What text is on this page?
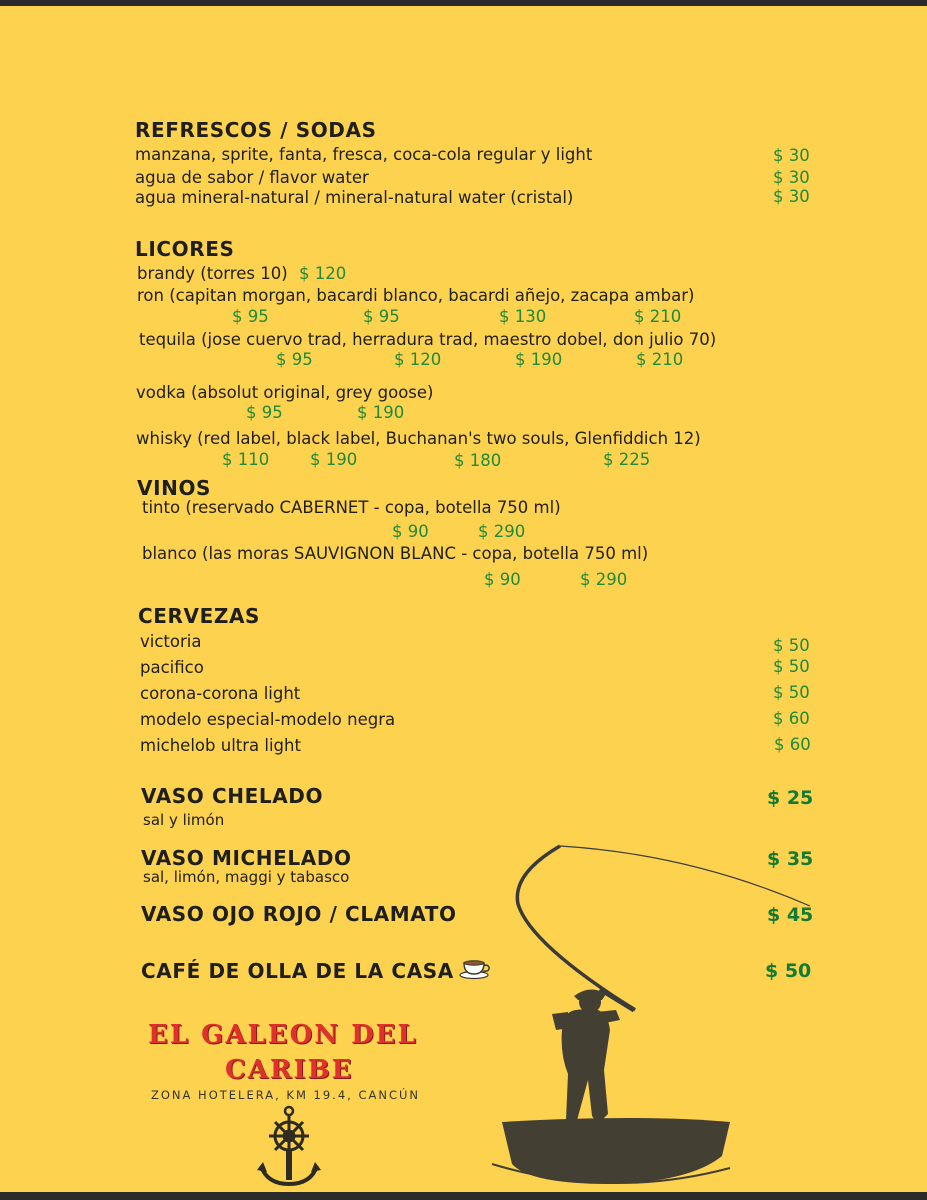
REFRESCOS / SODAS
manzana, sprite, fanta, fresca, coca-cola regular y light	$ 30
agua de sabor / flavor water	$ 30
agua mineral-natural / mineral-natural water (cristal)	$ 30
LICORES
brandy (torres 10) $ 120
ron (capitan morgan, bacardi blanco, bacardi añejo, zacapa ambar)
$ 95	$ 95	$ 130	$ 210
tequila (jose cuervo trad, herradura trad, maestro dobel, don julio 70)
$ 95	$ 120	$ 190	$ 210
vodka (absolut original, grey goose)
$ 95	$ 190
whisky (red label, black label, Buchanan's two souls, Glenfiddich 12)
$ 110 $ 190	$ 180	$ 225
VINOS
tinto (reservado CABERNET - copa, botella 750 ml)
$ 90	$ 290
blanco (las moras SAUVIGNON BLANC - copa, botella 750 ml)
$ 90	$ 290
CERVEZAS
victoria	$ 50
pacifico	$ 50
corona-corona light	$ 50
modelo especial-modelo negra	$ 60
michelob ultra light	$ 60
VASO CHELADO
sal y limón
$ 25
VASO MICHELADO
sal, limón, maggi y tabasco
$ 35
VASO OJO ROJO / CLAMATO	$ 45
CAFÉ DE OLLA DE LA CASA	$ 50
EL GALEON DEL
CARIBE
ZONA HOTELERA, KM 19.4, CANCÚN
